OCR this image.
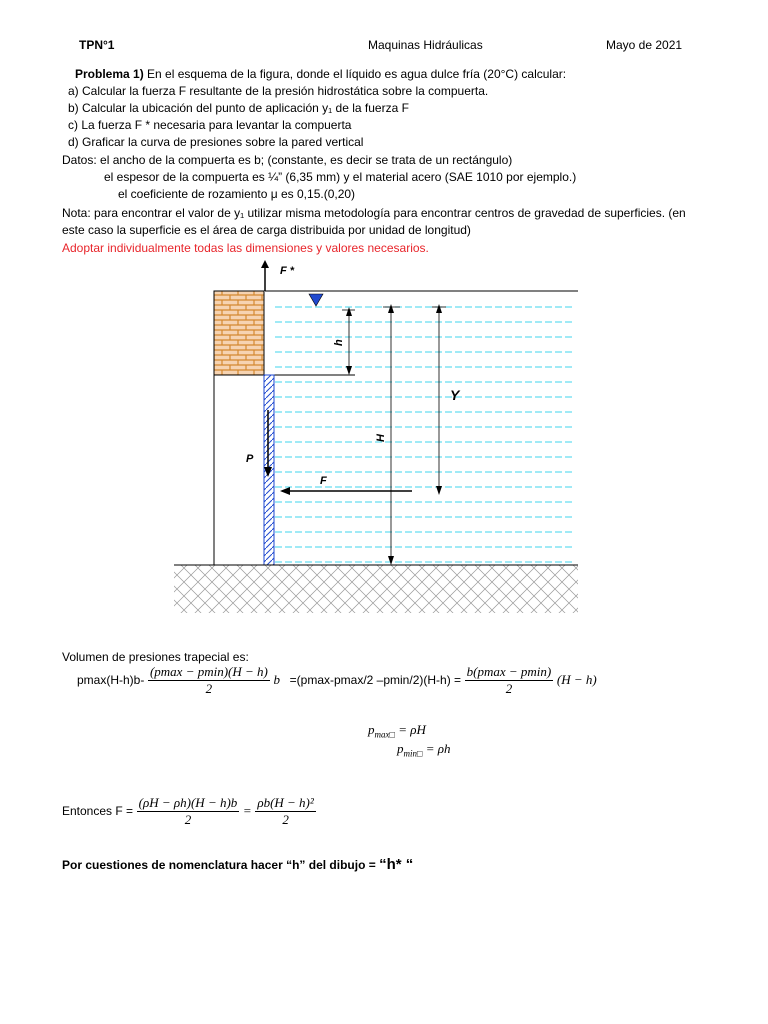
TPN°1	Maquinas Hidráulicas	Mayo de 2021
Problema 1) En el esquema de la figura, donde el líquido es agua dulce fría (20°C) calcular:
a) Calcular la fuerza F resultante de la presión hidrostática sobre la compuerta.
b) Calcular la ubicación del punto de aplicación y₁ de la fuerza F
c) La fuerza F * necesaria para levantar la compuerta
d) Graficar la curva de presiones sobre la pared vertical
Datos: el ancho de la compuerta es b; (constante, es decir se trata de un rectángulo)
el espesor de la compuerta es ¼” (6,35 mm) y el material acero (SAE 1010 por ejemplo.)
el coeficiente de rozamiento μ es 0,15.(0,20)
Nota: para encontrar el valor de y₁ utilizar misma metodología para encontrar centros de gravedad de superficies. (en
este caso la superficie es el área de carga distribuida por unidad de longitud)
Adoptar individualmente todas las dimensiones y valores necesarios.
F *
h
H
Y
F
P
Volumen de presiones trapecial es:
$pmax(H-h)b- \frac{(pmax - pmin)(H - h)}{2}$ b =(pmax-pmax/2 $-pmin/2)(H-h) = \frac{b(pmax - pmin)}{2} (H - h)$
$p_{max□} = \rho H$
$p_{min□} = \rho h$
Entonces $F = \frac{(\rho H - \rho h)(H - h)b}{2} = \frac{\text{ρb(H − h)²}}{2}$
Por cuestiones de nomenclatura hacer “h” del dibujo = “h* “
